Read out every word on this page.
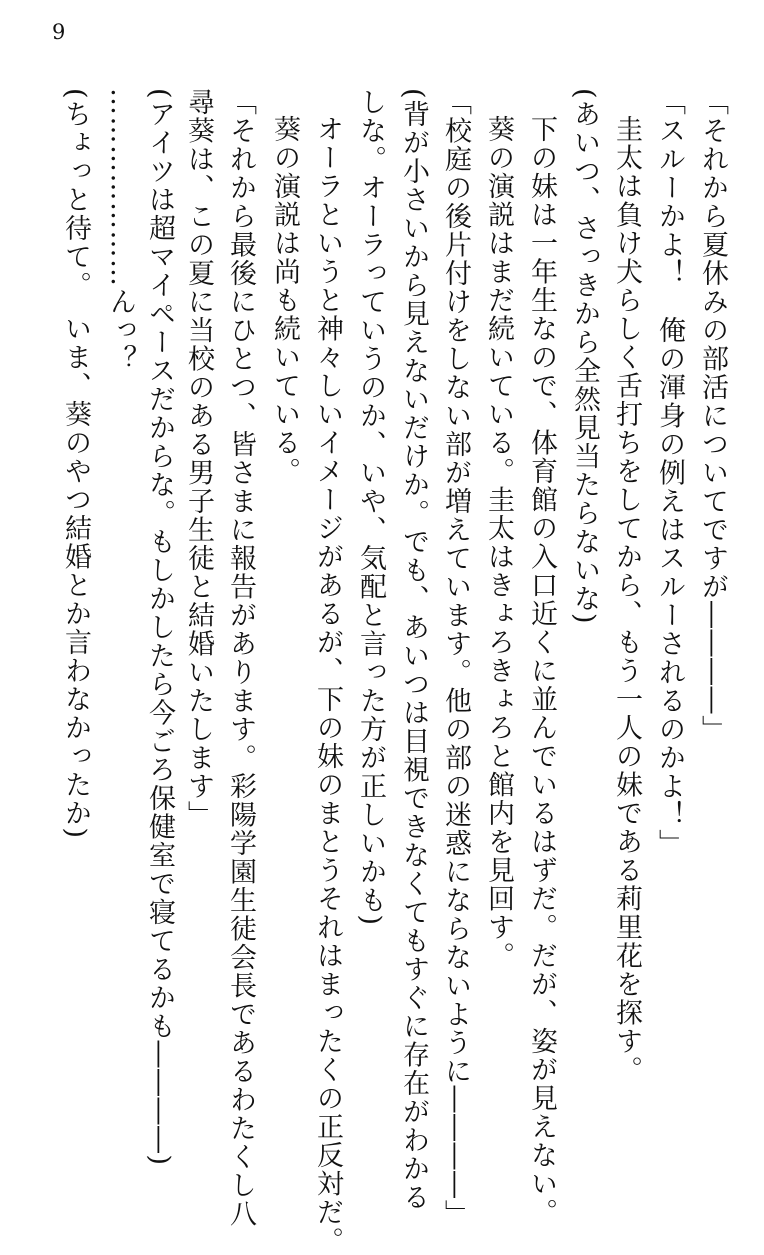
9
(ちょっと待て。　いま、葵のやつ結婚とか言わなかったか) …………………んっ？ (アイツは超マイペースだからな。もしかしたら今ごろ保健室で寝てるかも――――) 尋葵は、この夏に当校のある男子生徒と結婚いたします」 「それから最後にひとつ、皆さまに報告があります。彩陽学園生徒会長であるわたくし八 葵の演説は尚も続いている。 オーラというと神々しいイメージがあるが、下の妹のまとうそれはまったくの正反対だ。 しな。オーラっていうのか、いや、気配と言った方が正しいかも) (背が小さいから見えないだけか。でも、あいつは目視できなくてもすぐに存在がわかる 「校庭の後片付けをしない部が増えています。他の部の迷惑にならないように――――」 葵の演説はまだ続いている。圭太はきょろきょろと館内を見回す。 下の妹は一年生なので、体育館の入口近くに並んでいるはずだ。だが、姿が見えない。 (あいつ、さっきから全然見当たらないな) 圭太は負け犬らしく舌打ちをしてから、もう一人の妹である莉里花を探す。 「スルーかよ！　俺の渾身の例えはスルーされるのかよ！」 「それから夏休みの部活についてですが――――」
